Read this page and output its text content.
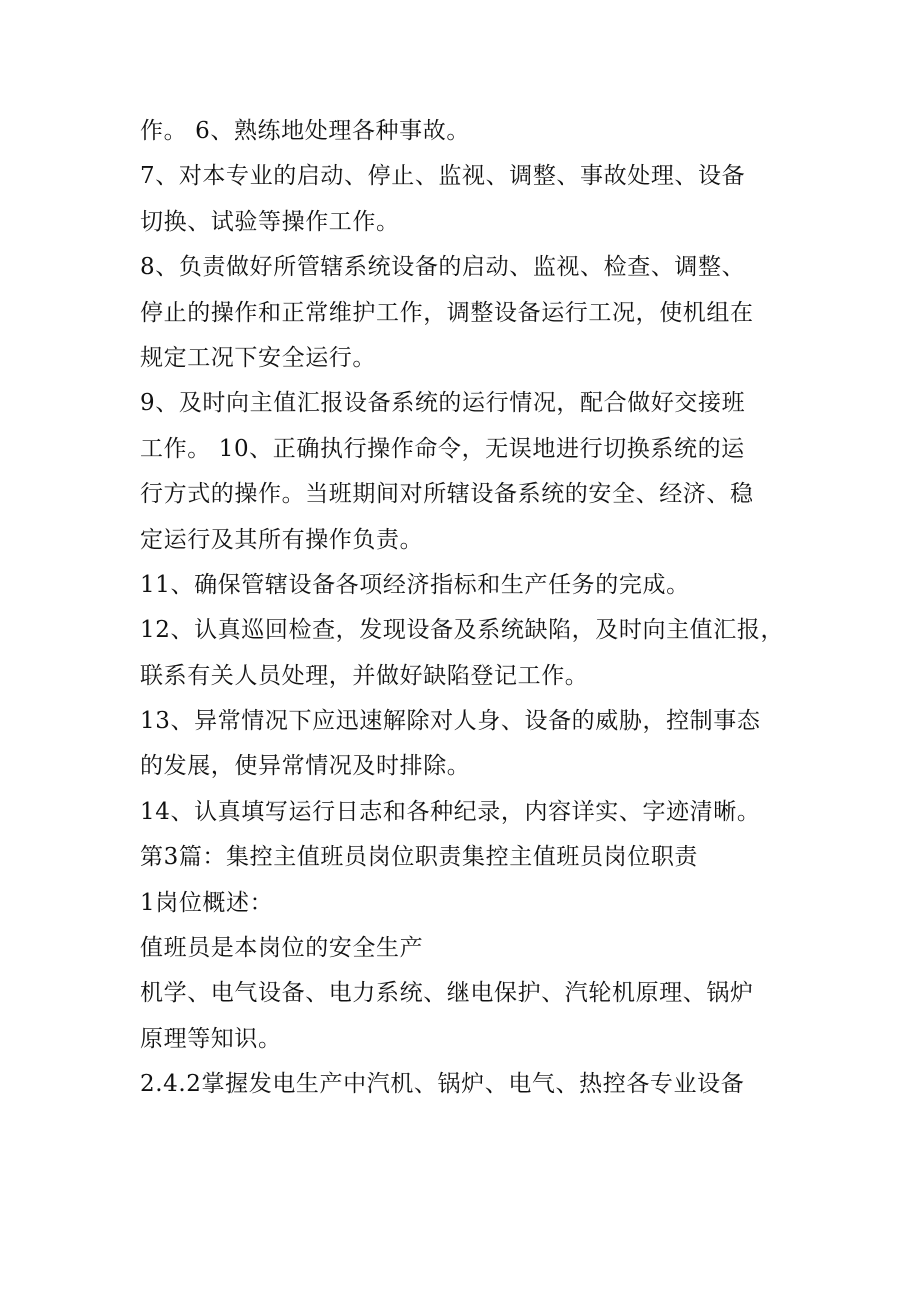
作。 6、熟练地处理各种事故。
7、对本专业的启动、停止、监视、调整、事故处理、设备
切换、试验等操作工作。
8、负责做好所管辖系统设备的启动、监视、检查、调整、
停止的操作和正常维护工作，调整设备运行工况，使机组在
规定工况下安全运行。
9、及时向主值汇报设备系统的运行情况，配合做好交接班
工作。 10、正确执行操作命令，无误地进行切换系统的运
行方式的操作。当班期间对所辖设备系统的安全、经济、稳
定运行及其所有操作负责。
11、确保管辖设备各项经济指标和生产任务的完成。
12、认真巡回检查，发现设备及系统缺陷，及时向主值汇报，
联系有关人员处理，并做好缺陷登记工作。
13、异常情况下应迅速解除对人身、设备的威胁，控制事态
的发展，使异常情况及时排除。
14、认真填写运行日志和各种纪录，内容详实、字迹清晰。
第3篇：集控主值班员岗位职责集控主值班员岗位职责
1岗位概述：
值班员是本岗位的安全生产
机学、电气设备、电力系统、继电保护、汽轮机原理、锅炉
原理等知识。
2.4.2掌握发电生产中汽机、锅炉、电气、热控各专业设备
